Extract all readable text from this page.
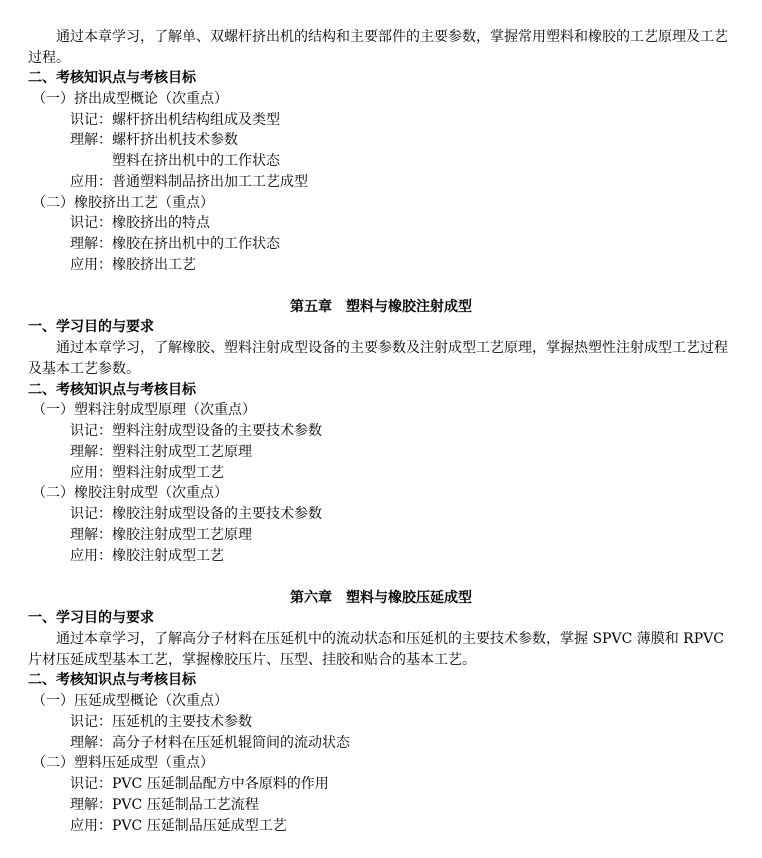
通过本章学习，了解单、双螺杆挤出机的结构和主要部件的主要参数，掌握常用塑料和橡胶的工艺原理及工艺过程。
二、考核知识点与考核目标
（一）挤出成型概论（次重点）
识记：螺杆挤出机结构组成及类型
理解：螺杆挤出机技术参数
塑料在挤出机中的工作状态
应用：普通塑料制品挤出加工工艺成型
（二）橡胶挤出工艺（重点）
识记：橡胶挤出的特点
理解：橡胶在挤出机中的工作状态
应用：橡胶挤出工艺
第五章　塑料与橡胶注射成型
一、学习目的与要求
通过本章学习，了解橡胶、塑料注射成型设备的主要参数及注射成型工艺原理，掌握热塑性注射成型工艺过程及基本工艺参数。
二、考核知识点与考核目标
（一）塑料注射成型原理（次重点）
识记：塑料注射成型设备的主要技术参数
理解：塑料注射成型工艺原理
应用：塑料注射成型工艺
（二）橡胶注射成型（次重点）
识记：橡胶注射成型设备的主要技术参数
理解：橡胶注射成型工艺原理
应用：橡胶注射成型工艺
第六章　塑料与橡胶压延成型
一、学习目的与要求
通过本章学习，了解高分子材料在压延机中的流动状态和压延机的主要技术参数，掌握 SPVC 薄膜和 RPVC 片材压延成型基本工艺，掌握橡胶压片、压型、挂胶和贴合的基本工艺。
二、考核知识点与考核目标
（一）压延成型概论（次重点）
识记：压延机的主要技术参数
理解：高分子材料在压延机辊筒间的流动状态
（二）塑料压延成型（重点）
识记：PVC 压延制品配方中各原料的作用
理解：PVC 压延制品工艺流程
应用：PVC 压延制品压延成型工艺
